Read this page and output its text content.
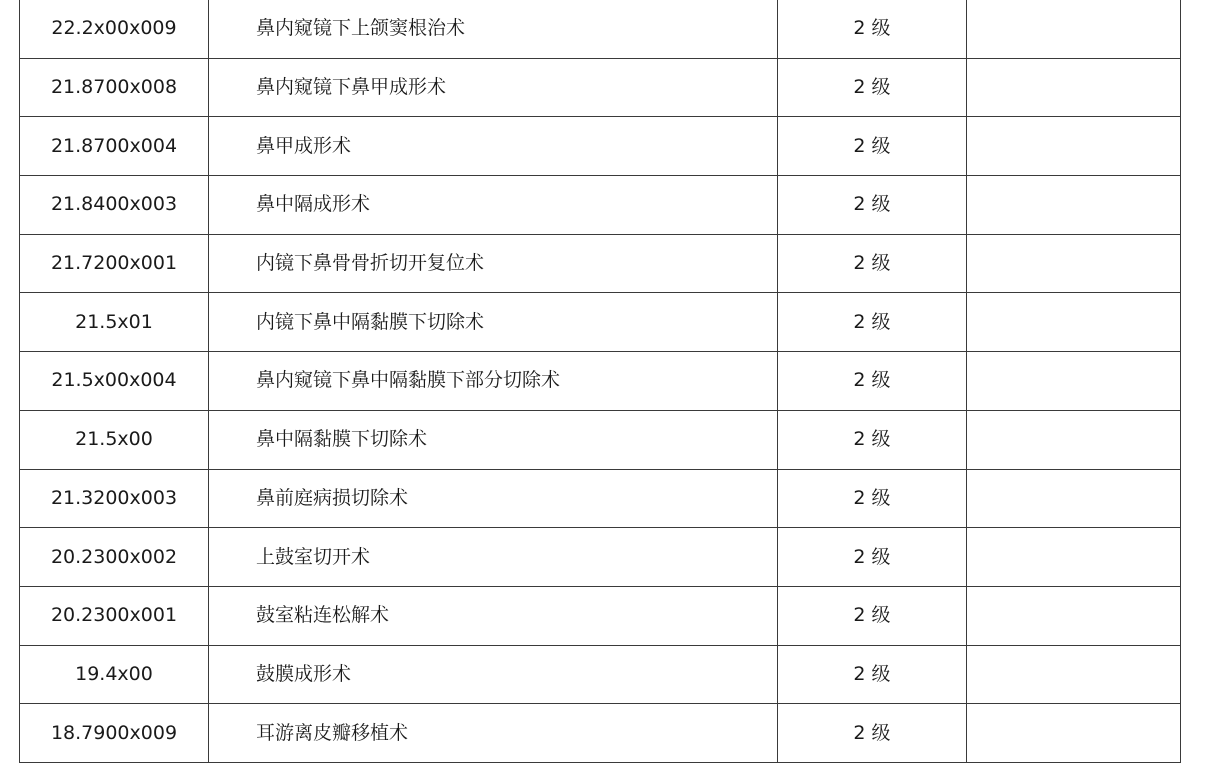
22.2x00x009	鼻内窥镜下上颌窦根治术	2 级	
21.8700x008	鼻内窥镜下鼻甲成形术	2 级	
21.8700x004	鼻甲成形术	2 级	
21.8400x003	鼻中隔成形术	2 级	
21.7200x001	内镜下鼻骨骨折切开复位术	2 级	
21.5x01	内镜下鼻中隔黏膜下切除术	2 级	
21.5x00x004	鼻内窥镜下鼻中隔黏膜下部分切除术	2 级	
21.5x00	鼻中隔黏膜下切除术	2 级	
21.3200x003	鼻前庭病损切除术	2 级	
20.2300x002	上鼓室切开术	2 级	
20.2300x001	鼓室粘连松解术	2 级	
19.4x00	鼓膜成形术	2 级	
18.7900x009	耳游离皮瓣移植术	2 级	
